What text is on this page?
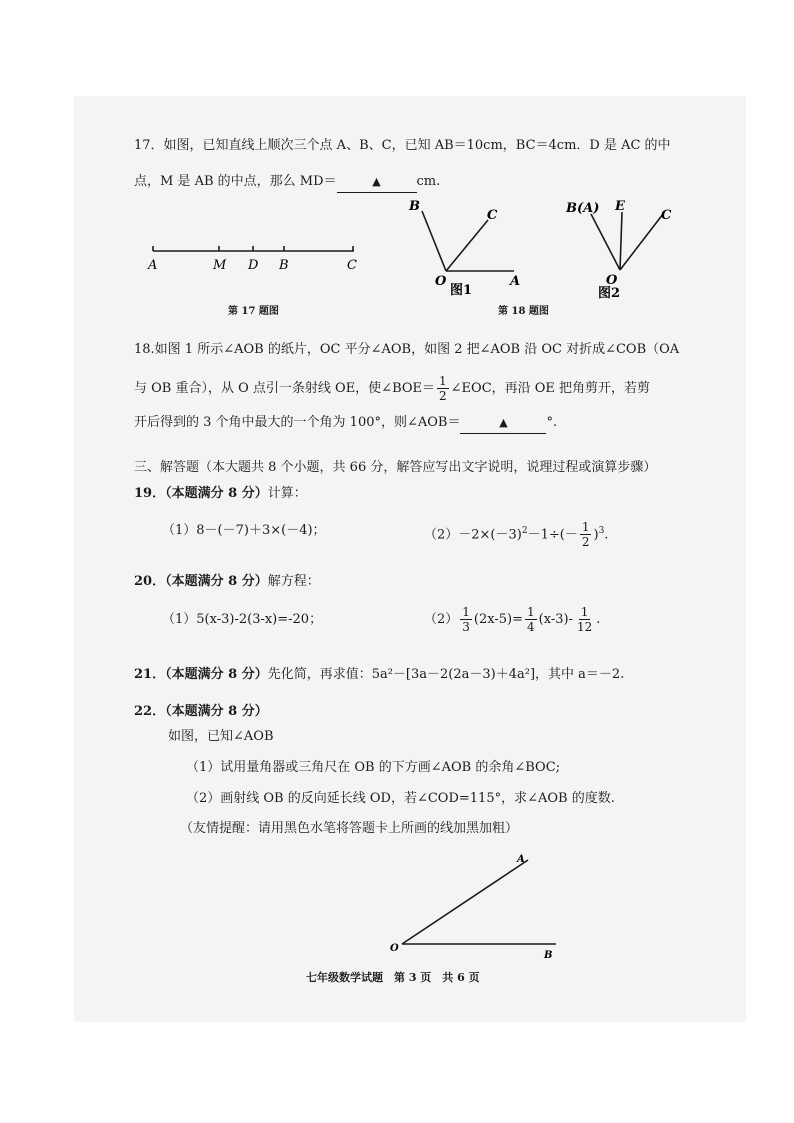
17．如图，已知直线上顺次三个点 A、B、C，已知 AB＝10cm，BC＝4cm．D 是 AC 的中
点，M 是 AB 的中点，那么 MD＝	▲	cm.
A	M D B	C
第 17 题图
B
C
O	A
图1
B(A) E
C
O
图2
第 18 题图
18.如图 1 所示∠AOB 的纸片，OC 平分∠AOB，如图 2 把∠AOB 沿 OC 对折成∠COB（OA
与 OB 重合），从 O 点引一条射线 OE，使∠BOE＝ $\frac{1}{2}$ ∠EOC，再沿 OE 把角剪开，若剪
开后得到的 3 个角中最大的一个角为 100°，则∠AOB＝	▲	°.
三、解答题（本大题共 8 个小题，共 66 分，解答应写出文字说明，说理过程或演算步骤）
19．（本题满分 8 分）计算：
（1）8－(－7)＋3×(－4)；	$(2)-2\times(-3)^2-1\div(- \frac{1}{2} )^3$.
20．（本题满分 8 分）解方程：
（1）5(x-3)-2(3-x)=-20；	$(2) \frac{1}{3} (2x-5)= \frac{1}{4} (x-3)- \frac{1}{12}$ .
21．（本题满分 8 分）先化简，再求值：5a²－[3a－2(2a－3)＋4a²]，其中 a＝－2.
22．（本题满分 8 分）
如图，已知∠AOB
（1）试用量角器或三角尺在 OB 的下方画∠AOB 的余角∠BOC;
（2）画射线 OB 的反向延长线 OD，若∠COD=115°，求∠AOB 的度数.
（友情提醒：请用黑色水笔将答题卡上所画的线加黑加粗）
A
O
B
七年级数学试题　第 3 页　共 6 页
